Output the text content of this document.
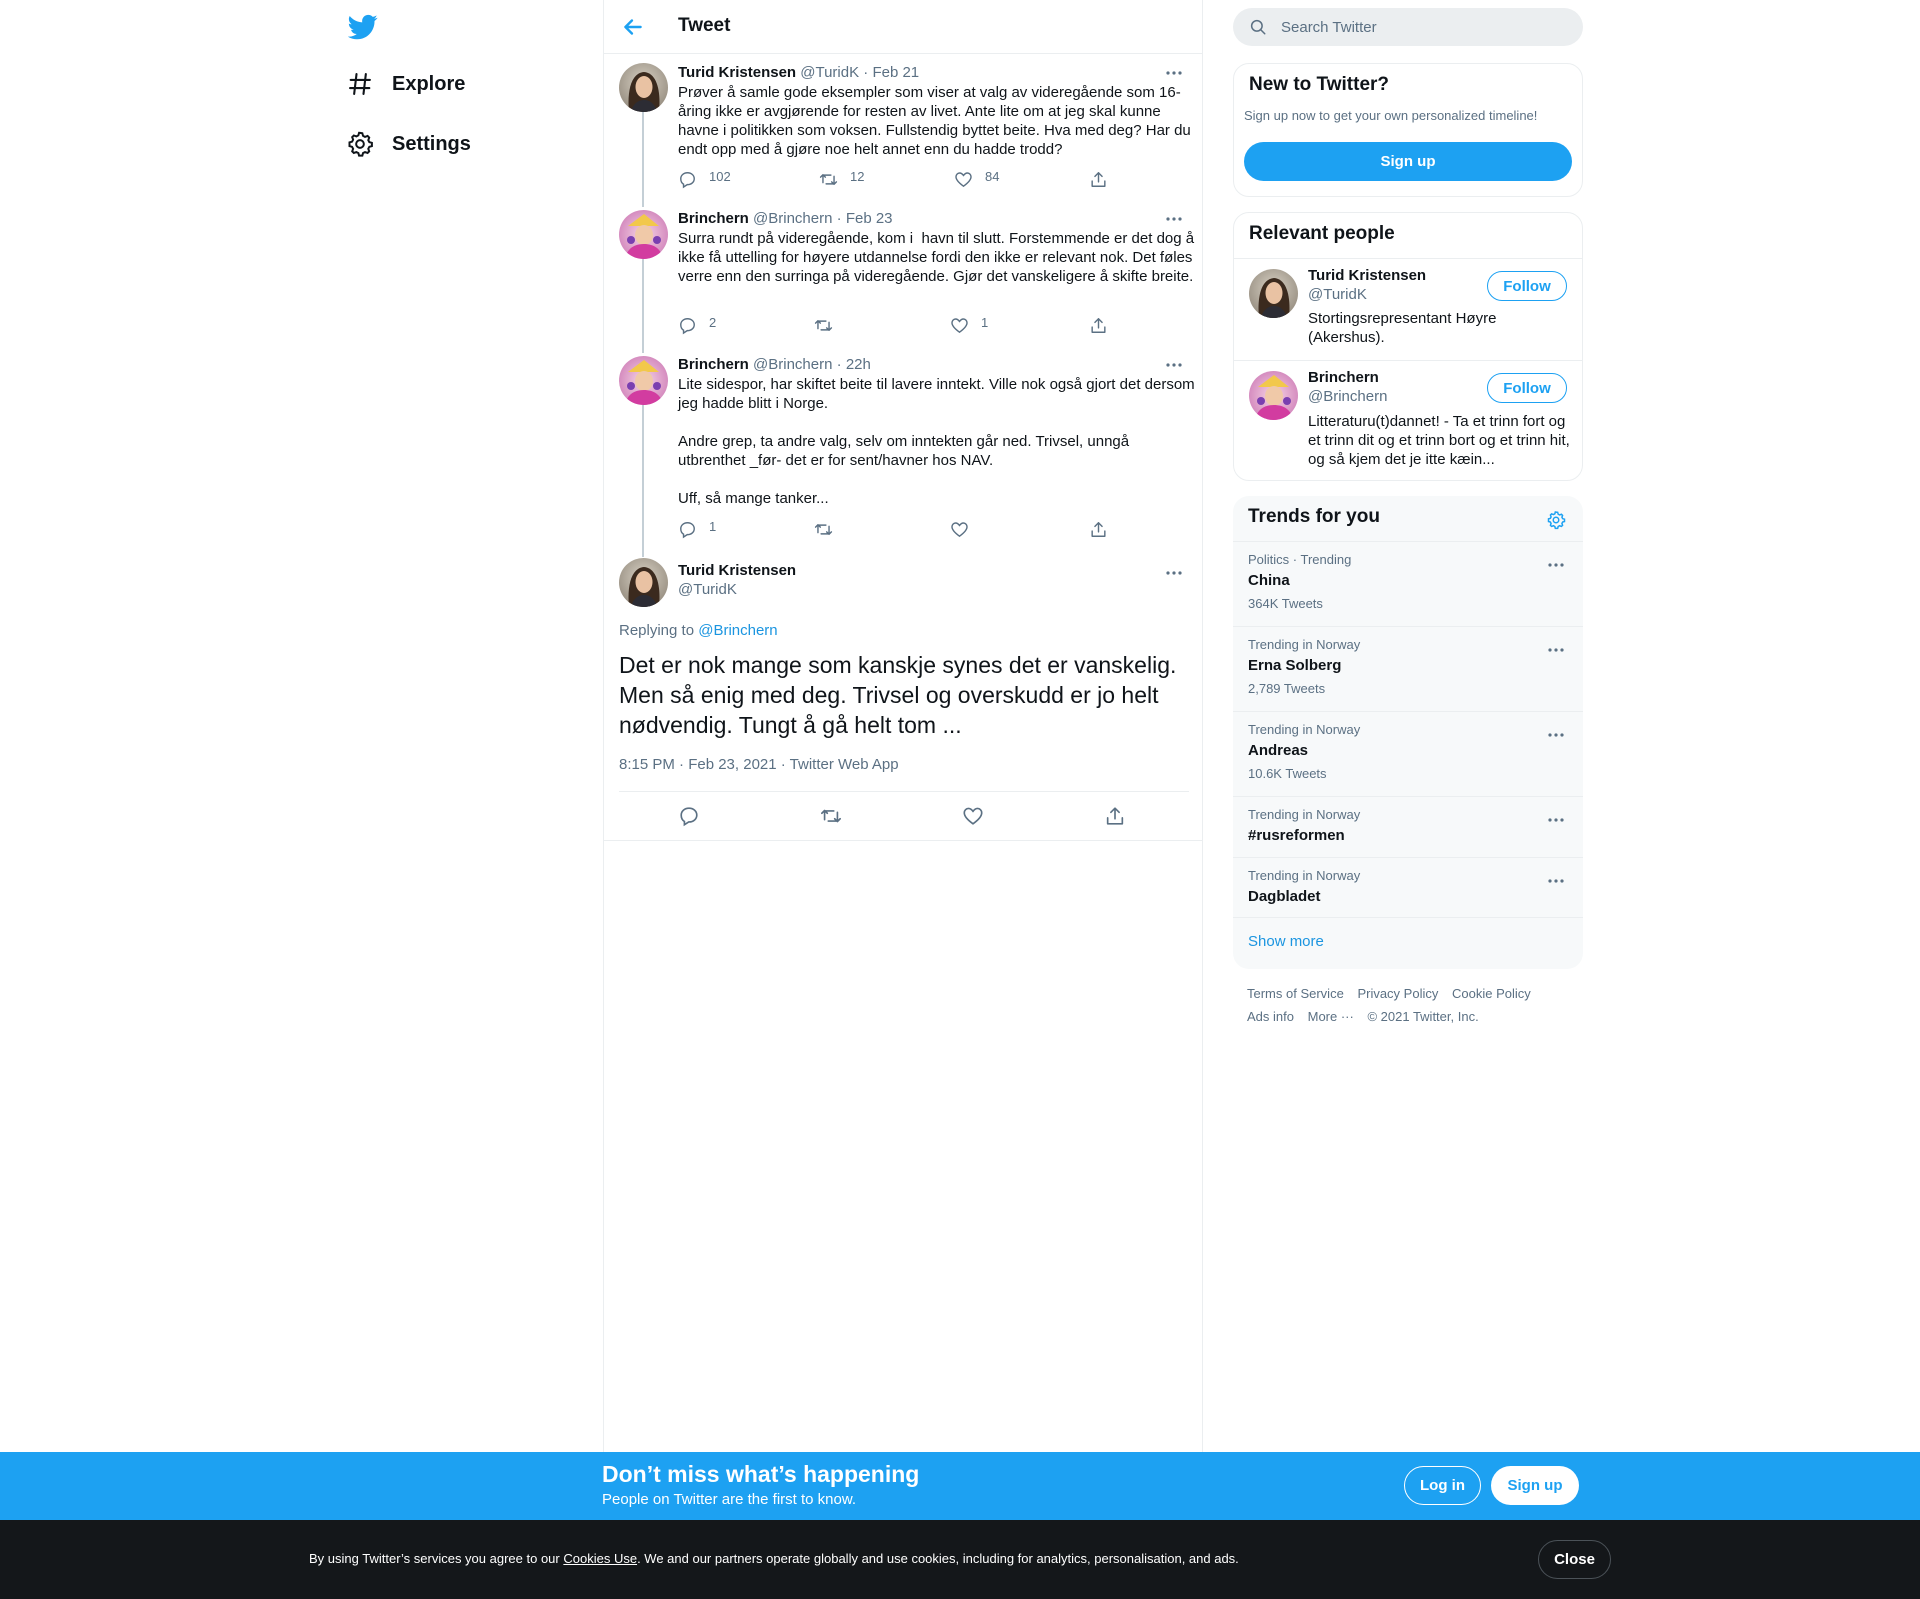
Explore
Settings
Tweet
Turid Kristensen @TuridK · Feb 21
Prøver å samle gode eksempler som viser at valg av videregående som 16-åring ikke er avgjørende for resten av livet. Ante lite om at jeg skal kunne havne i politikken som voksen. Fullstendig byttet beite. Hva med deg? Har du endt opp med å gjøre noe helt annet enn du hadde trodd?
102	12	84
Brinchern @Brinchern · Feb 23
Surra rundt på videregående, kom i  havn til slutt. Forstemmende er det dog å ikke få uttelling for høyere utdannelse fordi den ikke er relevant nok. Det føles verre enn den surringa på videregående. Gjør det vanskeligere å skifte breite.
2	1
Brinchern @Brinchern · 22h
Lite sidespor, har skiftet beite til lavere inntekt. Ville nok også gjort det dersom jeg hadde blitt i Norge.

Andre grep, ta andre valg, selv om inntekten går ned. Trivsel, unngå utbrenthet _før- det er for sent/havner hos NAV.

Uff, så mange tanker...
1
Turid Kristensen
@TuridK
Replying to @Brinchern
Det er nok mange som kanskje synes det er vanskelig. Men så enig med deg. Trivsel og overskudd er jo helt nødvendig. Tungt å gå helt tom ...
8:15 PM · Feb 23, 2021 · Twitter Web App
Search Twitter
New to Twitter?
Sign up now to get your own personalized timeline!
Sign up
Relevant people
Turid Kristensen
@TuridK
Stortingsrepresentant Høyre (Akershus).
Follow
Brinchern
@Brinchern
Litteraturu(t)dannet! - Ta et trinn fort og et trinn dit og et trinn bort og et trinn hit, og så kjem det je itte kæin...
Follow
Trends for you
Politics · Trending
China
364K Tweets
Trending in Norway
Erna Solberg
2,789 Tweets
Trending in Norway
Andreas
10.6K Tweets
Trending in Norway
#rusreformen
Trending in Norway
Dagbladet
Show more
Terms of Service Privacy Policy Cookie Policy
Ads info More ··· © 2021 Twitter, Inc.
Don’t miss what’s happening
People on Twitter are the first to know.
Log in	Sign up
By using Twitter’s services you agree to our Cookies Use. We and our partners operate globally and use cookies, including for analytics, personalisation, and ads.	Close
